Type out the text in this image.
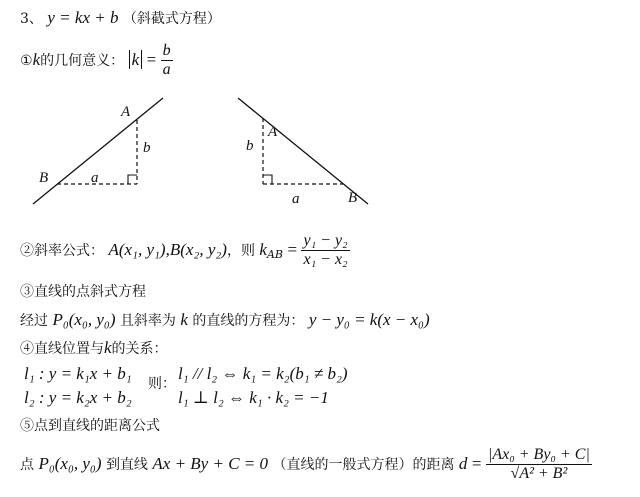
3、 y = kx + b （斜截式方程）
①k的几何意义： $k = \frac{b}{a}$
A
B	a
b
A
B
a
b
②斜率公式： A(x₁, y₁),B(x₂, y₂)，则 $k_{AB} = \frac{\text{y₁ − y₂}}{\text{x₁ − x₂}}$
③直线的点斜式方程
经过 P₀(x₀, y₀) 且斜率为 k 的直线的方程为： y − y₀ = k(x − x₀)
④直线位置与k的关系：
l₁ : y = k₁x + b₁
l₂ : y = k₂x + b₂
则：
l₁ // l₂ ⇔ k₁ = k₂(b₁ ≠ b₂)
l₁ ⊥ l₂ ⇔ k₁ · k₂ = −1
⑤点到直线的距离公式
点 P₀(x₀, y₀) 到直线 Ax + By + C = 0 （直线的一般式方程）的距离 $d = \frac{\text{|Ax₀ + By₀ + C|}}{\text{√A² + B²}}$
